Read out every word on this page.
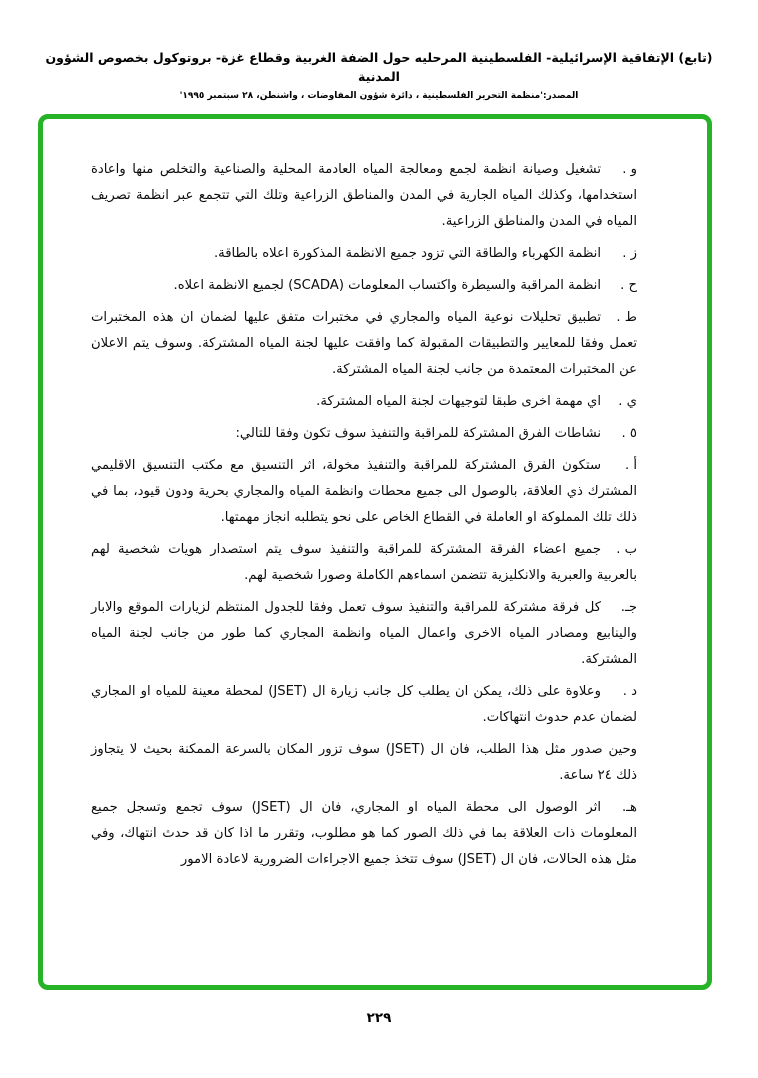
(تابع) الإتفاقية الإسرائيلية- الفلسطينية المرحليه حول الضفة الغربية وقطاع غزة- بروتوكول بخصوص الشؤون المدنية
المصدر:'منظمة التحرير الفلسطينية ، دائرة شؤون المفاوضات ، واشنطن، ٢٨ سبتمبر ١٩٩٥'

و .تشغيل وصيانة انظمة لجمع ومعالجة المياه العادمة المحلية والصناعية والتخلص منها واعادة استخدامها، وكذلك المياه الجارية في المدن والمناطق الزراعية وتلك التي تتجمع عبر انظمة تصريف المياه في المدن والمناطق الزراعية.

ز .انظمة الكهرباء والطاقة التي تزود جميع الانظمة المذكورة اعلاه بالطاقة.

ح .انظمة المراقبة والسيطرة واكتساب المعلومات (SCADA) لجميع الانظمة اعلاه.

ط .تطبيق تحليلات نوعية المياه والمجاري في مختبرات متفق عليها لضمان ان هذه المختبرات تعمل وفقا للمعايير والتطبيقات المقبولة كما وافقت عليها لجنة المياه المشتركة. وسوف يتم الاعلان عن المختبرات المعتمدة من جانب لجنة المياه المشتركة.

ي .اي مهمة اخرى طبقا لتوجيهات لجنة المياه المشتركة.

٥ .نشاطات الفرق المشتركة للمراقبة والتنفيذ سوف تكون وفقا للتالي:

أ .ستكون الفرق المشتركة للمراقبة والتنفيذ مخولة، اثر التنسيق مع مكتب التنسيق الاقليمي المشترك ذي العلاقة، بالوصول الى جميع محطات وانظمة المياه والمجاري بحرية ودون قيود، بما في ذلك تلك المملوكة او العاملة في القطاع الخاص على نحو يتطلبه انجاز مهمتها.

ب .جميع اعضاء الفرقة المشتركة للمراقبة والتنفيذ سوف يتم استصدار هويات شخصية لهم بالعربية والعبرية والانكليزية تتضمن اسماءهم الكاملة وصورا شخصية لهم.

جـ.كل فرقة مشتركة للمراقبة والتنفيذ سوف تعمل وفقا للجدول المنتظم لزيارات الموقع والابار والينابيع ومصادر المياه الاخرى واعمال المياه وانظمة المجاري كما طور من جانب لجنة المياه المشتركة.

د .وعلاوة على ذلك، يمكن ان يطلب كل جانب زيارة ال (JSET) لمحطة معينة للمياه او المجاري لضمان عدم حدوث انتهاكات.

وحين صدور مثل هذا الطلب، فان ال (JSET) سوف تزور المكان بالسرعة الممكنة بحيث لا يتجاوز ذلك ٢٤ ساعة.

هـ.اثر الوصول الى محطة المياه او المجاري، فان ال (JSET) سوف تجمع وتسجل جميع المعلومات ذات العلاقة بما في ذلك الصور كما هو مطلوب، وتقرر ما اذا كان قد حدث انتهاك، وفي مثل هذه الحالات، فان ال (JSET) سوف تتخذ جميع الاجراءات الضرورية لاعادة الامور

٢٢٩
